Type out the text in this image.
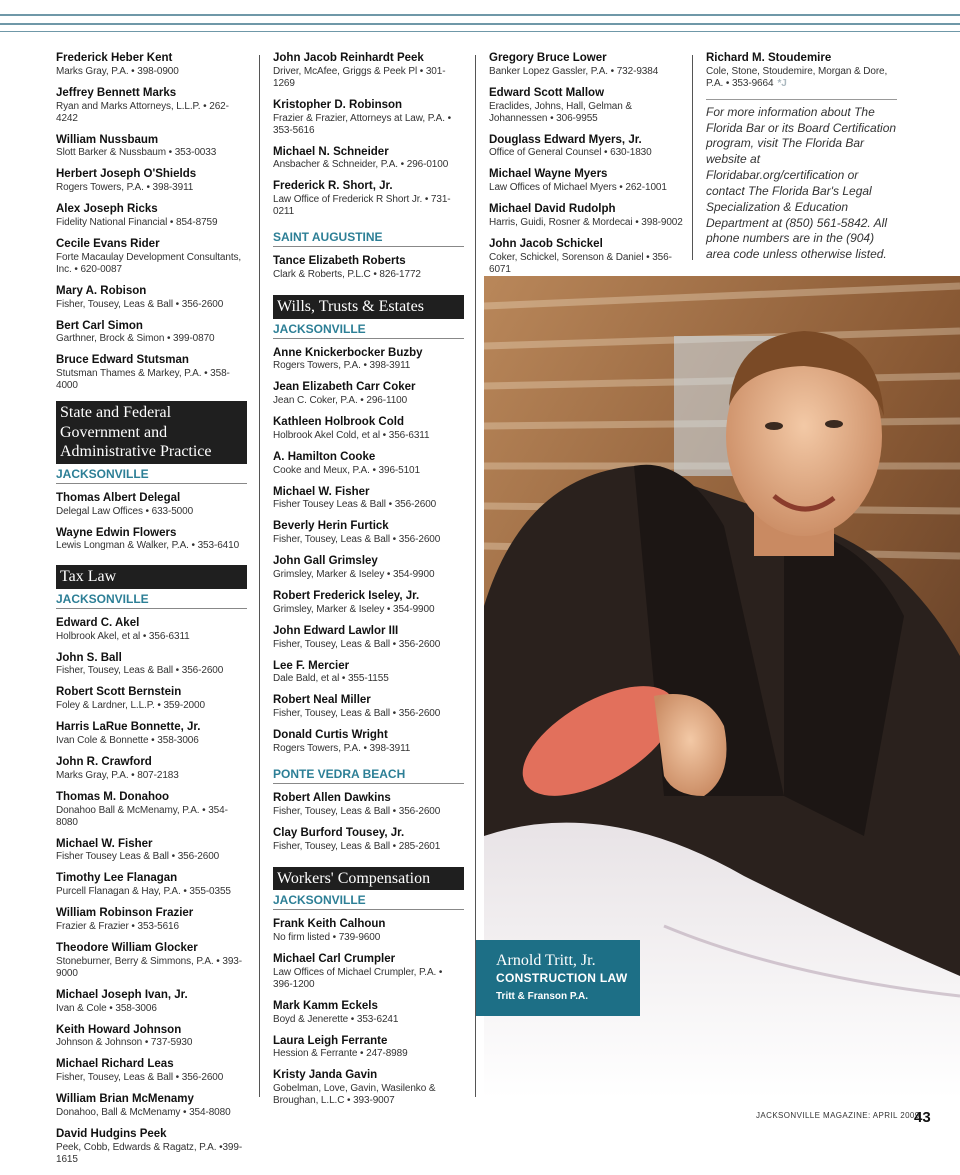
Frederick Heber Kent
Marks Gray, P.A. • 398-0900
Jeffrey Bennett Marks
Ryan and Marks Attorneys, L.L.P. • 262-4242
William Nussbaum
Slott Barker & Nussbaum • 353-0033
Herbert Joseph O'Shields
Rogers Towers, P.A. • 398-3911
Alex Joseph Ricks
Fidelity National Financial • 854-8759
Cecile Evans Rider
Forte Macaulay Development Consultants, Inc. • 620-0087
Mary A. Robison
Fisher, Tousey, Leas & Ball • 356-2600
Bert Carl Simon
Garthner, Brock & Simon • 399-0870
Bruce Edward Stutsman
Stutsman Thames & Markey, P.A. • 358-4000
State and Federal Government and Administrative Practice
JACKSONVILLE
Thomas Albert Delegal
Delegal Law Offices • 633-5000
Wayne Edwin Flowers
Lewis Longman & Walker, P.A. • 353-6410
Tax Law
JACKSONVILLE
Edward C. Akel
Holbrook Akel, et al • 356-6311
John S. Ball
Fisher, Tousey, Leas & Ball • 356-2600
Robert Scott Bernstein
Foley & Lardner, L.L.P. • 359-2000
Harris LaRue Bonnette, Jr.
Ivan Cole & Bonnette • 358-3006
John R. Crawford
Marks Gray, P.A. • 807-2183
Thomas M. Donahoo
Donahoo Ball & McMenamy, P.A. • 354-8080
Michael W. Fisher
Fisher Tousey Leas & Ball • 356-2600
Timothy Lee Flanagan
Purcell Flanagan & Hay, P.A. • 355-0355
William Robinson Frazier
Frazier & Frazier • 353-5616
Theodore William Glocker
Stoneburner, Berry & Simmons, P.A. • 393-9000
Michael Joseph Ivan, Jr.
Ivan & Cole • 358-3006
Keith Howard Johnson
Johnson & Johnson • 737-5930
Michael Richard Leas
Fisher, Tousey, Leas & Ball • 356-2600
William Brian McMenamy
Donahoo, Ball & McMenamy • 354-8080
David Hudgins Peek
Peek, Cobb, Edwards & Ragatz, P.A. •399-1615
John Jacob Reinhardt Peek
Driver, McAfee, Griggs & Peek Pl • 301-1269
Kristopher D. Robinson
Frazier & Frazier, Attorneys at Law, P.A. • 353-5616
Michael N. Schneider
Ansbacher & Schneider, P.A. • 296-0100
Frederick R. Short, Jr.
Law Office of Frederick R Short Jr. • 731-0211
SAINT AUGUSTINE
Tance Elizabeth Roberts
Clark & Roberts, P.L.C • 826-1772
Wills, Trusts & Estates
JACKSONVILLE
Anne Knickerbocker Buzby
Rogers Towers, P.A. • 398-3911
Jean Elizabeth Carr Coker
Jean C. Coker, P.A. • 296-1100
Kathleen Holbrook Cold
Holbrook Akel Cold, et al • 356-6311
A. Hamilton Cooke
Cooke and Meux, P.A. • 396-5101
Michael W. Fisher
Fisher Tousey Leas & Ball • 356-2600
Beverly Herin Furtick
Fisher, Tousey, Leas & Ball • 356-2600
John Gall Grimsley
Grimsley, Marker & Iseley • 354-9900
Robert Frederick Iseley, Jr.
Grimsley, Marker & Iseley • 354-9900
John Edward Lawlor III
Fisher, Tousey, Leas & Ball • 356-2600
Lee F. Mercier
Dale Bald, et al • 355-1155
Robert Neal Miller
Fisher, Tousey, Leas & Ball • 356-2600
Donald Curtis Wright
Rogers Towers, P.A. • 398-3911
PONTE VEDRA BEACH
Robert Allen Dawkins
Fisher, Tousey, Leas & Ball • 356-2600
Clay Burford Tousey, Jr.
Fisher, Tousey, Leas & Ball • 285-2601
Workers' Compensation
JACKSONVILLE
Frank Keith Calhoun
No firm listed • 739-9600
Michael Carl Crumpler
Law Offices of Michael Crumpler, P.A. • 396-1200
Mark Kamm Eckels
Boyd & Jenerette • 353-6241
Laura Leigh Ferrante
Hession & Ferrante • 247-8989
Kristy Janda Gavin
Gobelman, Love, Gavin, Wasilenko & Broughan, L.L.C • 393-9007
Gregory Bruce Lower
Banker Lopez Gassler, P.A. • 732-9384
Edward Scott Mallow
Eraclides, Johns, Hall, Gelman & Johannessen • 306-9955
Douglass Edward Myers, Jr.
Office of General Counsel • 630-1830
Michael Wayne Myers
Law Offices of Michael Myers • 262-1001
Michael David Rudolph
Harris, Guidi, Rosner & Mordecai • 398-9002
John Jacob Schickel
Coker, Schickel, Sorenson & Daniel • 356-6071
Richard M. Stoudemire
Cole, Stone, Stoudemire, Morgan & Dore, P.A. • 353-9664 *J
For more information about The Florida Bar or its Board Certification program, visit The Florida Bar website at Floridabar.org/certification or contact The Florida Bar's Legal Specialization & Education Department at (850) 561-5842. All phone numbers are in the (904) area code unless otherwise listed.
Arnold Tritt, Jr.
CONSTRUCTION LAW
Tritt & Franson P.A.
JACKSONVILLE MAGAZINE: APRIL 2009
43
